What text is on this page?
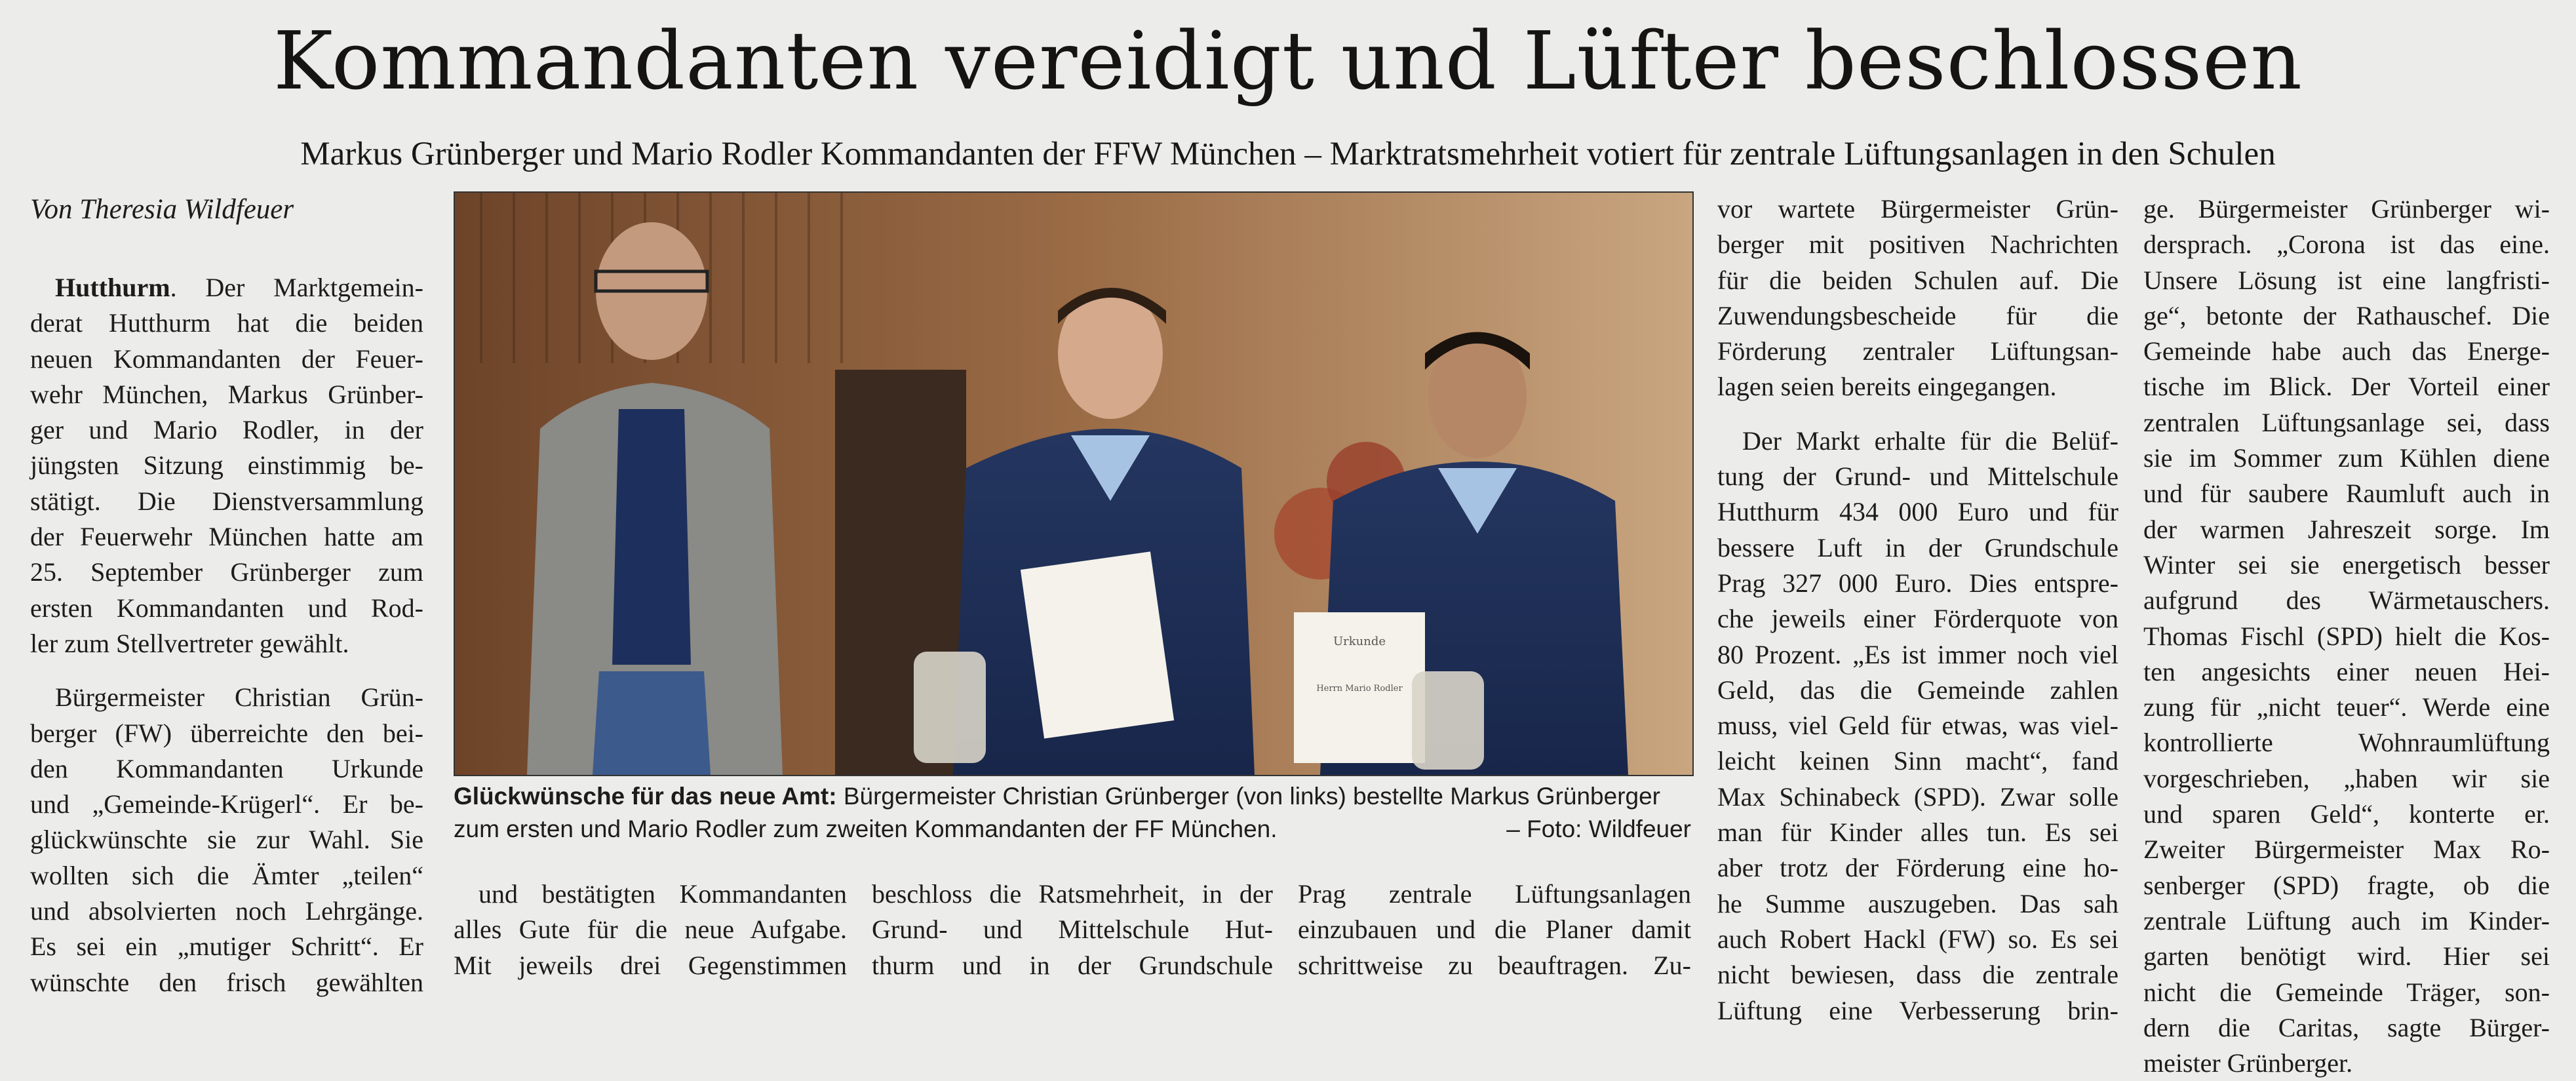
Kommandanten vereidigt und Lüfter beschlossen
Markus Grünberger und Mario Rodler Kommandanten der FFW München – Marktratsmehrheit votiert für zentrale Lüftungsanlagen in den Schulen
Von Theresia Wildfeuer
Hutthurm. Der Marktgemein-
derat Hutthurm hat die beiden
neuen Kommandanten der Feuer-
wehr München, Markus Grünber-
ger und Mario Rodler, in der
jüngsten Sitzung einstimmig be-
stätigt. Die Dienstversammlung
der Feuerwehr München hatte am
25. September Grünberger zum
ersten Kommandanten und Rod-
ler zum Stellvertreter gewählt.
Bürgermeister Christian Grün-
berger (FW) überreichte den bei-
den Kommandanten Urkunde
und „Gemeinde-Krügerl“. Er be-
glückwünschte sie zur Wahl. Sie
wollten sich die Ämter „teilen“
und absolvierten noch Lehrgänge.
Es sei ein „mutiger Schritt“. Er
wünschte den frisch gewählten
und bestätigten Kommandanten
alles Gute für die neue Aufgabe.
Mit jeweils drei Gegenstimmen
beschloss die Ratsmehrheit, in der
Grund- und Mittelschule Hut-
thurm und in der Grundschule
Prag zentrale Lüftungsanlagen
einzubauen und die Planer damit
schrittweise zu beauftragen. Zu-
vor wartete Bürgermeister Grün-
berger mit positiven Nachrichten
für die beiden Schulen auf. Die
Zuwendungsbescheide für die
Förderung zentraler Lüftungsan-
lagen seien bereits eingegangen.
Der Markt erhalte für die Belüf-
tung der Grund- und Mittelschule
Hutthurm 434 000 Euro und für
bessere Luft in der Grundschule
Prag 327 000 Euro. Dies entspre-
che jeweils einer Förderquote von
80 Prozent. „Es ist immer noch viel
Geld, das die Gemeinde zahlen
muss, viel Geld für etwas, was viel-
leicht keinen Sinn macht“, fand
Max Schinabeck (SPD). Zwar solle
man für Kinder alles tun. Es sei
aber trotz der Förderung eine ho-
he Summe auszugeben. Das sah
auch Robert Hackl (FW) so. Es sei
nicht bewiesen, dass die zentrale
Lüftung eine Verbesserung brin-
ge. Bürgermeister Grünberger wi-
dersprach. „Corona ist das eine.
Unsere Lösung ist eine langfristi-
ge“, betonte der Rathauschef. Die
Gemeinde habe auch das Energe-
tische im Blick. Der Vorteil einer
zentralen Lüftungsanlage sei, dass
sie im Sommer zum Kühlen diene
und für saubere Raumluft auch in
der warmen Jahreszeit sorge. Im
Winter sei sie energetisch besser
aufgrund des Wärmetauschers.
Thomas Fischl (SPD) hielt die Kos-
ten angesichts einer neuen Hei-
zung für „nicht teuer“. Werde eine
kontrollierte Wohnraumlüftung
vorgeschrieben, „haben wir sie
und sparen Geld“, konterte er.
Zweiter Bürgermeister Max Ro-
senberger (SPD) fragte, ob die
zentrale Lüftung auch im Kinder-
garten benötigt wird. Hier sei
nicht die Gemeinde Träger, son-
dern die Caritas, sagte Bürger-
meister Grünberger.
Urkunde
Herrn Mario Rodler
Glückwünsche für das neue Amt: Bürgermeister Christian Grünberger (von links) bestellte Markus Grünberger
zum ersten und Mario Rodler zum zweiten Kommandanten der FF München.	– Foto: Wildfeuer
